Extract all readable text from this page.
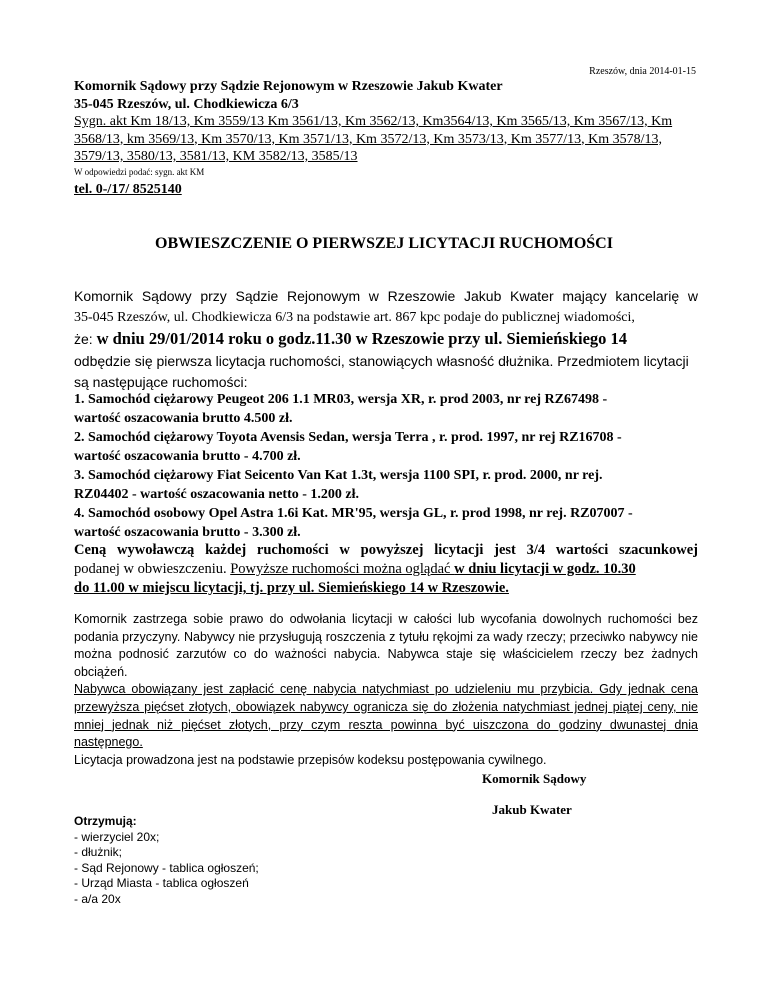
Rzeszów, dnia 2014-01-15
Komornik Sądowy przy Sądzie Rejonowym w Rzeszowie Jakub Kwater
35-045 Rzeszów, ul. Chodkiewicza 6/3
Sygn. akt Km 18/13, Km 3559/13 Km 3561/13, Km 3562/13, Km3564/13, Km 3565/13, Km 3567/13, Km
3568/13, km 3569/13, Km 3570/13, Km 3571/13, Km 3572/13, Km 3573/13, Km 3577/13, Km 3578/13,
3579/13, 3580/13, 3581/13, KM 3582/13, 3585/13
W odpowiedzi podać: sygn. akt KM
tel. 0-/17/ 8525140
OBWIESZCZENIE O PIERWSZEJ LICYTACJI RUCHOMOŚCI
Komornik Sądowy przy Sądzie Rejonowym w Rzeszowie Jakub Kwater mający kancelarię w
35-045 Rzeszów, ul. Chodkiewicza 6/3 na podstawie art. 867 kpc podaje do publicznej wiadomości,
że: w dniu 29/01/2014 roku o godz.11.30 w Rzeszowie przy ul. Siemieńskiego 14
odbędzie się pierwsza licytacja ruchomości, stanowiących własność dłużnika. Przedmiotem licytacji
są następujące ruchomości:
1. Samochód ciężarowy Peugeot 206 1.1 MR03, wersja XR, r. prod 2003, nr rej RZ67498 -
wartość oszacowania brutto 4.500 zł.
2. Samochód ciężarowy Toyota Avensis Sedan, wersja Terra , r. prod. 1997, nr rej RZ16708 -
wartość oszacowania brutto - 4.700 zł.
3. Samochód ciężarowy Fiat Seicento Van Kat 1.3t, wersja 1100 SPI, r. prod. 2000, nr rej.
RZ04402 - wartość oszacowania netto - 1.200 zł.
4. Samochód osobowy Opel Astra 1.6i Kat. MR'95, wersja GL, r. prod 1998, nr rej. RZ07007 -
wartość oszacowania brutto - 3.300 zł.
Ceną wywoławczą każdej ruchomości w powyższej licytacji jest 3/4 wartości szacunkowej
podanej w obwieszczeniu. Powyższe ruchomości można oglądać w dniu licytacji w godz. 10.30
do 11.00 w miejscu licytacji, tj. przy ul. Siemieńskiego 14 w Rzeszowie.
Komornik zastrzega sobie prawo do odwołania licytacji w całości lub wycofania dowolnych ruchomości bez podania przyczyny. Nabywcy nie przysługują roszczenia z tytułu rękojmi za wady rzeczy; przeciwko nabywcy nie można podnosić zarzutów co do ważności nabycia. Nabywca staje się właścicielem rzeczy bez żadnych obciążeń.
Nabywca obowiązany jest zapłacić cenę nabycia natychmiast po udzieleniu mu przybicia. Gdy jednak cena przewyższa pięćset złotych, obowiązek nabywcy ogranicza się do złożenia natychmiast jednej piątej ceny, nie mniej jednak niż pięćset złotych, przy czym reszta powinna być uiszczona do godziny dwunastej dnia następnego.
Licytacja prowadzona jest na podstawie przepisów kodeksu postępowania cywilnego.
Komornik Sądowy
Jakub Kwater
Otrzymują:
- wierzyciel 20x;
- dłużnik;
- Sąd Rejonowy - tablica ogłoszeń;
- Urząd Miasta - tablica ogłoszeń
- a/a 20x
